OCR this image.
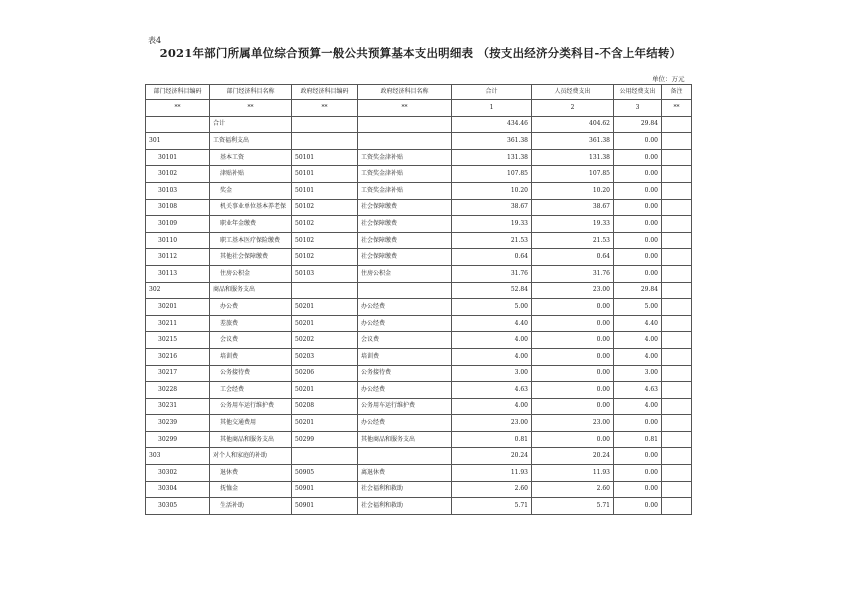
表4
2021年部门所属单位综合预算一般公共预算基本支出明细表 （按支出经济分类科目-不含上年结转）
单位：万元
部门经济科目编码	部门经济科目名称	政府经济科目编码	政府经济科目名称	合计	人员经费支出	公用经费支出	备注
**	**	**	**	1	2	3	**
	合计			434.46	404.62	29.84	
301	工资福利支出			361.38	361.38	0.00	
30101	基本工资	50101	工资奖金津补贴	131.38	131.38	0.00	
30102	津贴补贴	50101	工资奖金津补贴	107.85	107.85	0.00	
30103	奖金	50101	工资奖金津补贴	10.20	10.20	0.00	
30108	机关事业单位基本养老保	50102	社会保障缴费	38.67	38.67	0.00	
30109	职业年金缴费	50102	社会保障缴费	19.33	19.33	0.00	
30110	职工基本医疗保险缴费	50102	社会保障缴费	21.53	21.53	0.00	
30112	其他社会保障缴费	50102	社会保障缴费	0.64	0.64	0.00	
30113	住房公积金	50103	住房公积金	31.76	31.76	0.00	
302	商品和服务支出			52.84	23.00	29.84	
30201	办公费	50201	办公经费	5.00	0.00	5.00	
30211	差旅费	50201	办公经费	4.40	0.00	4.40	
30215	会议费	50202	会议费	4.00	0.00	4.00	
30216	培训费	50203	培训费	4.00	0.00	4.00	
30217	公务接待费	50206	公务接待费	3.00	0.00	3.00	
30228	工会经费	50201	办公经费	4.63	0.00	4.63	
30231	公务用车运行维护费	50208	公务用车运行维护费	4.00	0.00	4.00	
30239	其他交通费用	50201	办公经费	23.00	23.00	0.00	
30299	其他商品和服务支出	50299	其他商品和服务支出	0.81	0.00	0.81	
303	对个人和家庭的补助			20.24	20.24	0.00	
30302	退休费	50905	离退休费	11.93	11.93	0.00	
30304	抚恤金	50901	社会福利和救助	2.60	2.60	0.00	
30305	生活补助	50901	社会福利和救助	5.71	5.71	0.00	
